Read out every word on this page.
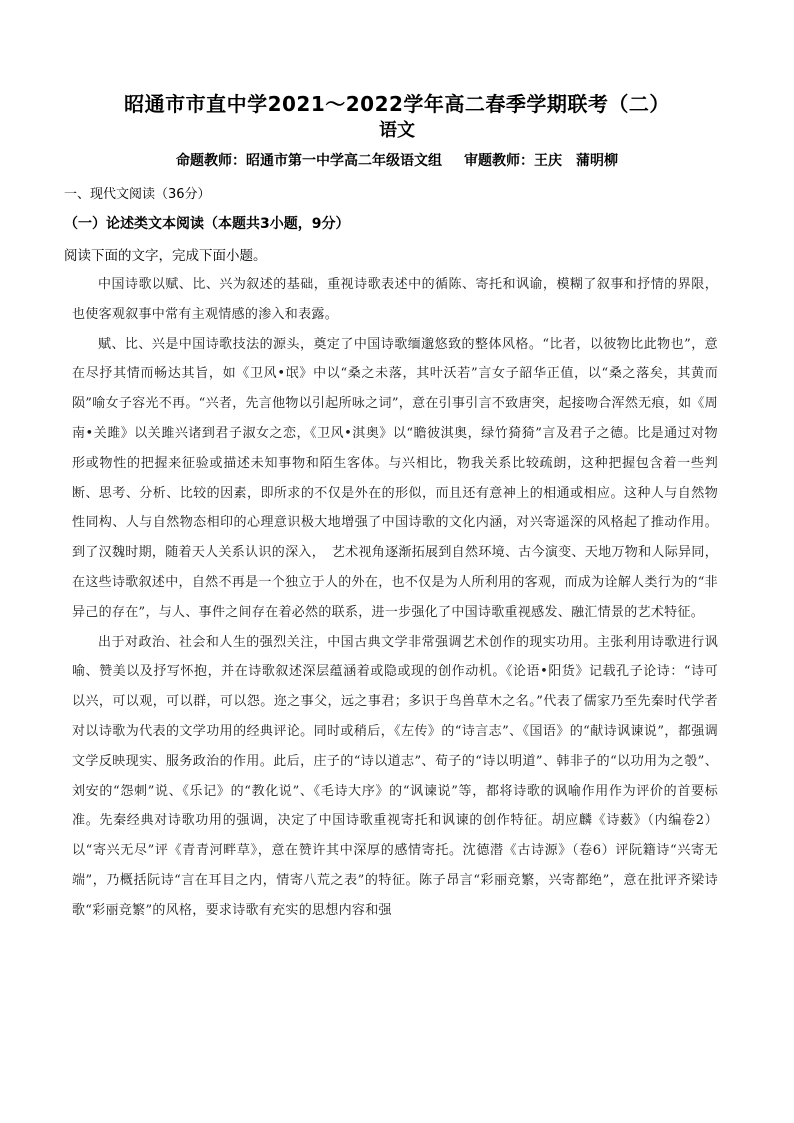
昭通市市直中学2021～2022学年高二春季学期联考（二）
语文
命题教师：昭通市第一中学高二年级语文组 审题教师：王庆　蒲明柳
一、现代文阅读（36分）
（一）论述类文本阅读（本题共3小题，9分）
阅读下面的文字，完成下面小题。

中国诗歌以赋、比、兴为叙述的基础，重视诗歌表述中的循陈、寄托和讽谕，模糊了叙事和抒情的界限，也使客观叙事中常有主观情感的渗入和表露。

赋、比、兴是中国诗歌技法的源头，奠定了中国诗歌缅邈悠致的整体风格。“比者，以彼物比此物也”，意在尽抒其情而畅达其旨，如《卫风•氓》中以“桑之未落，其叶沃若”言女子韶华正值，以“桑之落矣，其黄而陨”喻女子容光不再。“兴者，先言他物以引起所咏之词”，意在引事引言不致唐突，起接吻合浑然无痕，如《周南•关雎》以关雎兴诸到君子淑女之恋，《卫风•淇奥》以“瞻彼淇奥，绿竹猗猗”言及君子之德。比是通过对物形或物性的把握来征验或描述未知事物和陌生客体。与兴相比，物我关系比较疏朗，这种把握包含着一些判断、思考、分析、比较的因素，即所求的不仅是外在的形似，而且还有意神上的相通或相应。这种人与自然物性同构、人与自然物态相印的心理意识极大地增强了中国诗歌的文化内涵，对兴寄遥深的风格起了推动作用。到了汉魏时期，随着天人关系认识的深入，　艺术视角逐渐拓展到自然环境、古今演变、天地万物和人际异同，在这些诗歌叙述中，自然不再是一个独立于人的外在，也不仅是为人所利用的客观，而成为诠解人类行为的“非异己的存在”，与人、事件之间存在着必然的联系，进一步强化了中国诗歌重视感发、融汇情景的艺术特征。

出于对政治、社会和人生的强烈关注，中国古典文学非常强调艺术创作的现实功用。主张利用诗歌进行讽喻、赞美以及抒写怀抱，并在诗歌叙述深层蕴涵着或隐或现的创作动机。《论语•阳货》记载孔子论诗：“诗可以兴，可以观，可以群，可以怨。迩之事父，远之事君；多识于鸟兽草木之名。”代表了儒家乃至先秦时代学者对以诗歌为代表的文学功用的经典评论。同时或稍后，《左传》的“诗言志”、《国语》的“献诗讽谏说”，都强调文学反映现实、服务政治的作用。此后，庄子的“诗以道志”、荀子的“诗以明道”、韩非子的“以功用为之彀”、刘安的“怨刺”说、《乐记》的“教化说”、《毛诗大序》的“讽谏说”等，都将诗歌的讽喻作用作为评价的首要标准。先秦经典对诗歌功用的强调，决定了中国诗歌重视寄托和讽谏的创作特征。胡应麟《诗薮》（内编卷2）以“寄兴无尽”评《青青河畔草》，意在赞许其中深厚的感情寄托。沈德潜《古诗源》（卷6）评阮籍诗“兴寄无端”，乃概括阮诗“言在耳目之内，情寄八荒之表”的特征。陈子昂言“彩丽竞繁，兴寄都绝”，意在批评齐梁诗歌“彩丽竞繁”的风格，要求诗歌有充实的思想内容和强
